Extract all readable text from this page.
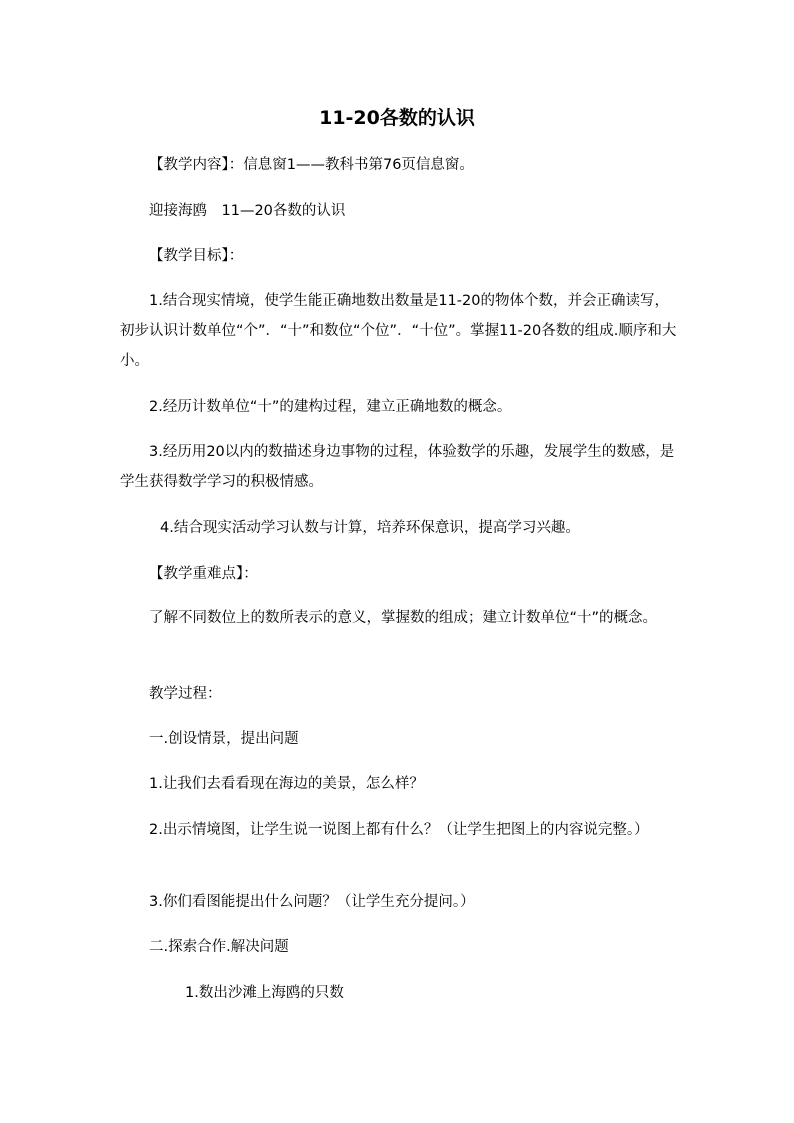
11-20各数的认识

【教学内容】：信息窗1——教科书第76页信息窗。

迎接海鸥　11—20各数的认识

【教学目标】：

1.结合现实情境，使学生能正确地数出数量是11-20的物体个数，并会正确读写，初步认识计数单位“个”．“十”和数位“个位”．“十位”。掌握11-20各数的组成.顺序和大小。

2.经历计数单位“十”的建构过程，建立正确地数的概念。

3.经历用20以内的数描述身边事物的过程，体验数学的乐趣，发展学生的数感，是学生获得数学学习的积极情感。

4.结合现实活动学习认数与计算，培养环保意识，提高学习兴趣。

【教学重难点】：

了解不同数位上的数所表示的意义，掌握数的组成；建立计数单位“十”的概念。

教学过程：

一.创设情景，提出问题

1.让我们去看看现在海边的美景，怎么样？

2.出示情境图，让学生说一说图上都有什么？（让学生把图上的内容说完整。）

3.你们看图能提出什么问题？（让学生充分提问。）

二.探索合作.解决问题

1.数出沙滩上海鸥的只数
